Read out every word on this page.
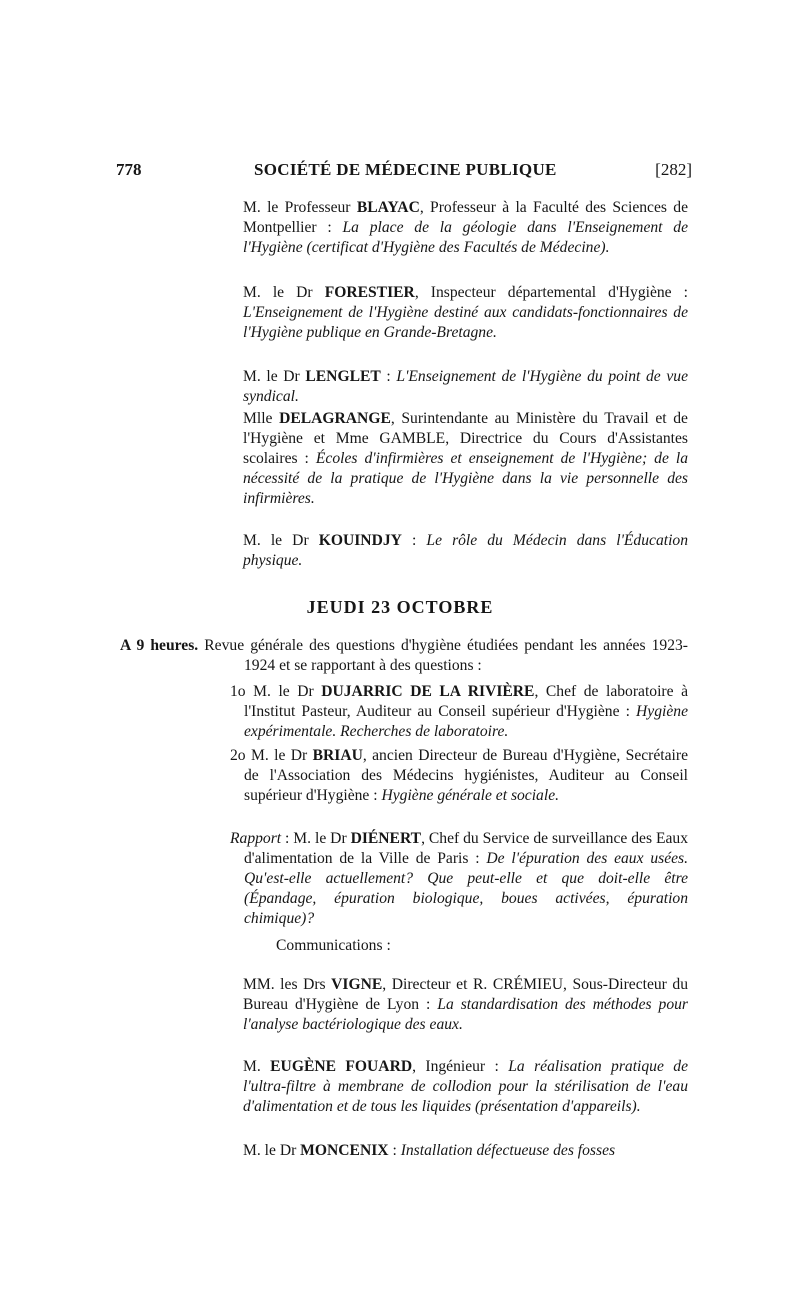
778	SOCIÉTÉ DE MÉDECINE PUBLIQUE	[282]
M. le Professeur BLAYAC, Professeur à la Faculté des Sciences de Montpellier : La place de la géologie dans l'Enseignement de l'Hygiène (certificat d'Hygiène des Facultés de Médecine).
M. le Dr FORESTIER, Inspecteur départemental d'Hygiène : L'Enseignement de l'Hygiène destiné aux candidats-fonctionnaires de l'Hygiène publique en Grande-Bretagne.
M. le Dr LENGLET : L'Enseignement de l'Hygiène du point de vue syndical.
Mlle DELAGRANGE, Surintendante au Ministère du Travail et de l'Hygiène et Mme GAMBLE, Directrice du Cours d'Assistantes scolaires : Écoles d'infirmières et enseignement de l'Hygiène; de la nécessité de la pratique de l'Hygiène dans la vie personnelle des infirmières.
M. le Dr KOUINDJY : Le rôle du Médecin dans l'Éducation physique.
JEUDI 23 OCTOBRE
A 9 heures. Revue générale des questions d'hygiène étudiées pendant les années 1923-1924 et se rapportant à des questions :
1o M. le Dr DUJARRIC DE LA RIVIÈRE, Chef de laboratoire à l'Institut Pasteur, Auditeur au Conseil supérieur d'Hygiène : Hygiène expérimentale. Recherches de laboratoire.
2o M. le Dr BRIAU, ancien Directeur de Bureau d'Hygiène, Secrétaire de l'Association des Médecins hygiénistes, Auditeur au Conseil supérieur d'Hygiène : Hygiène générale et sociale.
Rapport : M. le Dr DIÉNERT, Chef du Service de surveillance des Eaux d'alimentation de la Ville de Paris : De l'épuration des eaux usées. Qu'est-elle actuellement? Que peut-elle et que doit-elle être (Épandage, épuration biologique, boues activées, épuration chimique)?
Communications :
MM. les Drs VIGNE, Directeur et R. CRÉMIEU, Sous-Directeur du Bureau d'Hygiène de Lyon : La standardisation des méthodes pour l'analyse bactériologique des eaux.
M. EUGÈNE FOUARD, Ingénieur : La réalisation pratique de l'ultra-filtre à membrane de collodion pour la stérilisation de l'eau d'alimentation et de tous les liquides (présentation d'appareils).
M. le Dr MONCENIX : Installation défectueuse des fosses
